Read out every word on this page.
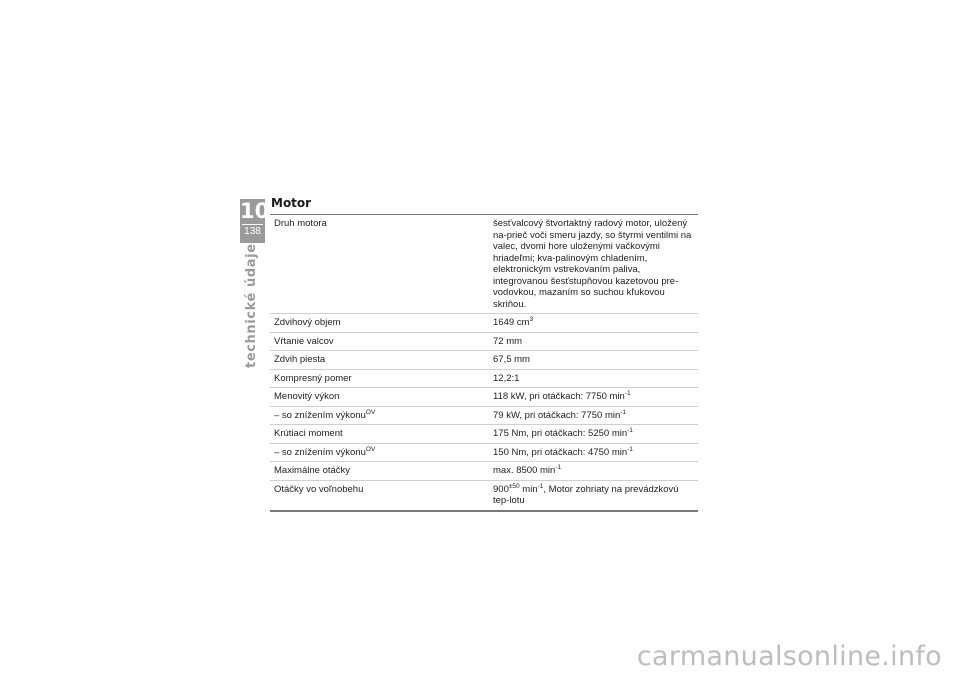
10
138
technické údaje
Motor
Druh motora	šesťvalcový štvortaktný radový motor, uložený na-prieč voči smeru jazdy, so štyrmi ventilmi na valec, dvomi hore uloženými vačkovými hriadeľmi; kva-palinovým chladením, elektronickým vstrekovaním paliva, integrovanou šesťstupňovou kazetovou pre-vodovkou, mazaním so suchou kľukovou skriňou.
Zdvihový objem	1649 $cm^3$
Vŕtanie valcov	72 mm
Zdvih piesta	67,5 mm
Kompresný pomer	12,2:1
Menovitý výkon	118 kW, pri otáčkach: 7750 $\min^{-1}$
– so znížením výkonu$^{OV}$	79 kW, pri otáčkach: 7750 $\min^{-1}$
Krútiaci moment	175 Nm, pri otáčkach: 5250 $\min^{-1}$
– so znížením výkonu$^{OV}$	150 Nm, pri otáčkach: 4750 $\min^{-1}$
Maximálne otáčky	max. 8500 $\min^{-1}$
Otáčky vo voľnobehu	$900^{\pm 50}$ $\min^{-1}$, Motor zohriaty na prevádzkovú tep-lotu
carmanualsonline.info
